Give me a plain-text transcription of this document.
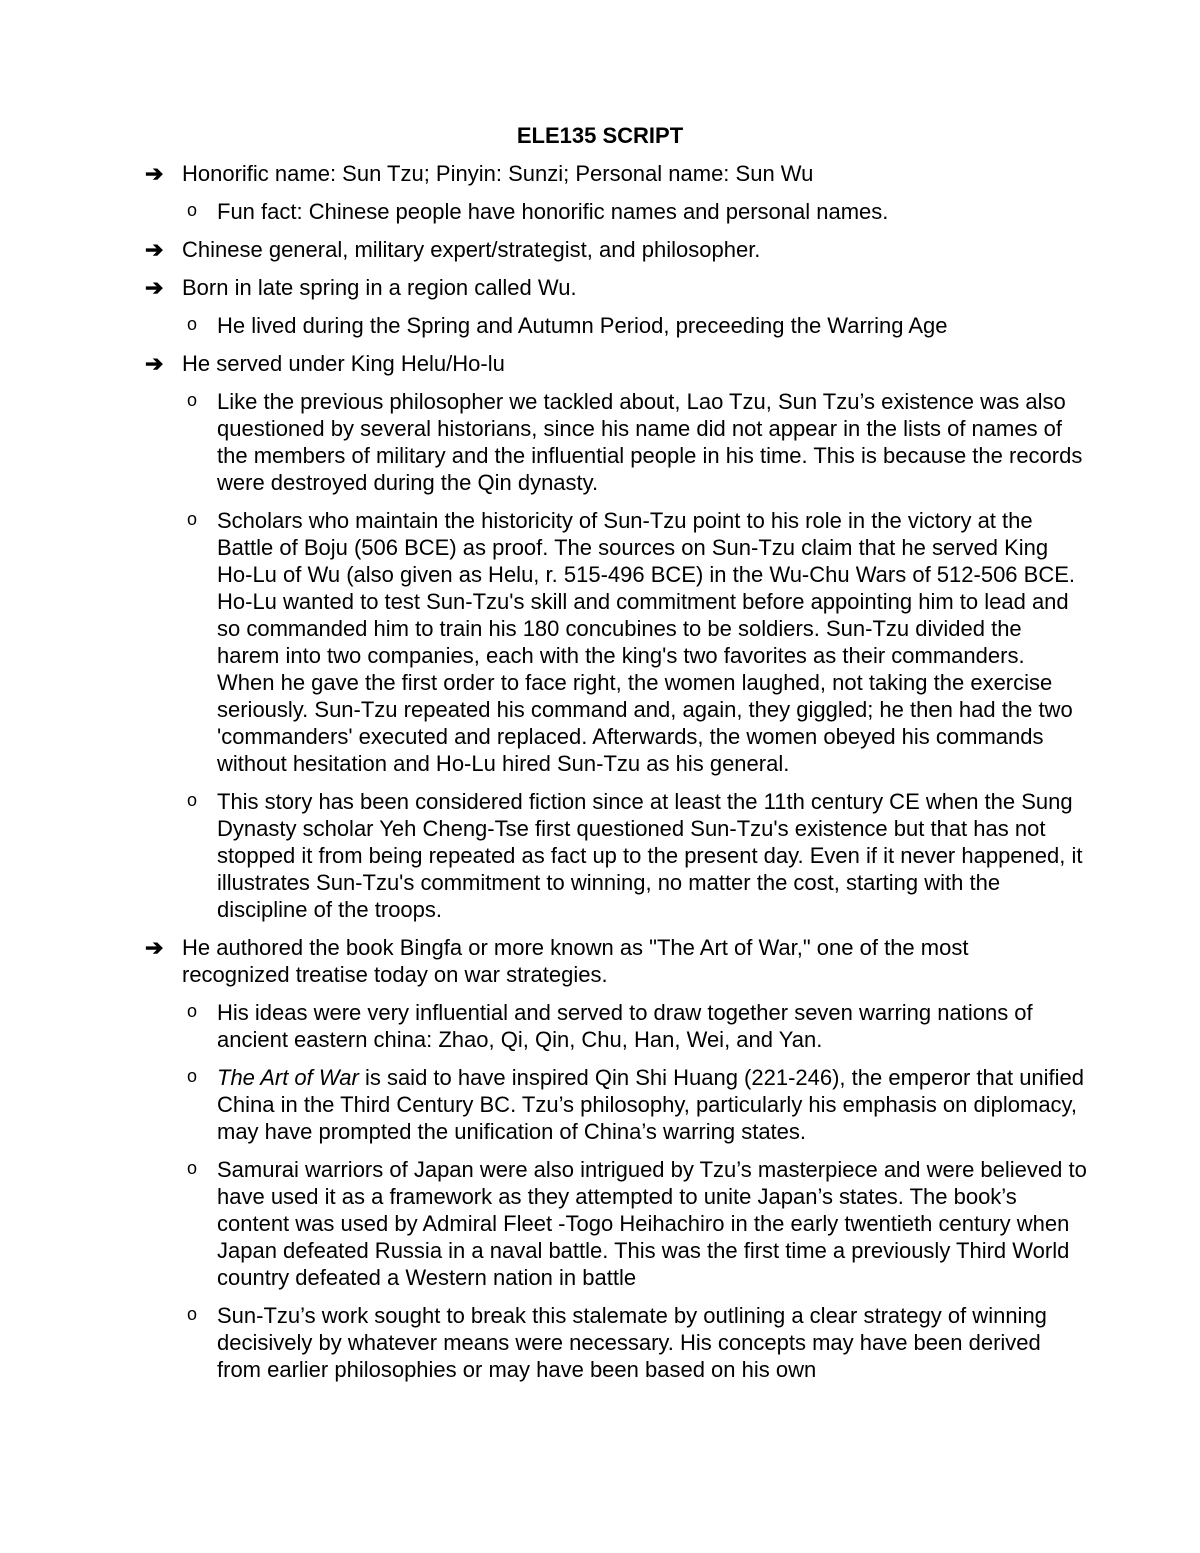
ELE135 SCRIPT
➔ Honorific name: Sun Tzu; Pinyin: Sunzi; Personal name: Sun Wu
o Fun fact: Chinese people have honorific names and personal names.
➔ Chinese general, military expert/strategist, and philosopher.
➔ Born in late spring in a region called Wu.
o He lived during the Spring and Autumn Period, preceeding the Warring Age
➔ He served under King Helu/Ho-lu
o Like the previous philosopher we tackled about, Lao Tzu, Sun Tzu’s existence was also questioned by several historians, since his name did not appear in the lists of names of the members of military and the influential people in his time. This is because the records were destroyed during the Qin dynasty.
o Scholars who maintain the historicity of Sun-Tzu point to his role in the victory at the Battle of Boju (506 BCE) as proof. The sources on Sun-Tzu claim that he served King Ho-Lu of Wu (also given as Helu, r. 515-496 BCE) in the Wu-Chu Wars of 512-506 BCE. Ho-Lu wanted to test Sun-Tzu's skill and commitment before appointing him to lead and so commanded him to train his 180 concubines to be soldiers. Sun-Tzu divided the harem into two companies, each with the king's two favorites as their commanders. When he gave the first order to face right, the women laughed, not taking the exercise seriously. Sun-Tzu repeated his command and, again, they giggled; he then had the two 'commanders' executed and replaced. Afterwards, the women obeyed his commands without hesitation and Ho-Lu hired Sun-Tzu as his general.
o This story has been considered fiction since at least the 11th century CE when the Sung Dynasty scholar Yeh Cheng-Tse first questioned Sun-Tzu's existence but that has not stopped it from being repeated as fact up to the present day. Even if it never happened, it illustrates Sun-Tzu's commitment to winning, no matter the cost, starting with the discipline of the troops.
➔ He authored the book Bingfa or more known as "The Art of War," one of the most recognized treatise today on war strategies.
o His ideas were very influential and served to draw together seven warring nations of ancient eastern china: Zhao, Qi, Qin, Chu, Han, Wei, and Yan.
o The Art of War is said to have inspired Qin Shi Huang (221-246), the emperor that unified China in the Third Century BC. Tzu’s philosophy, particularly his emphasis on diplomacy, may have prompted the unification of China’s warring states.
o Samurai warriors of Japan were also intrigued by Tzu’s masterpiece and were believed to have used it as a framework as they attempted to unite Japan’s states. The book’s content was used by Admiral Fleet -Togo Heihachiro in the early twentieth century when Japan defeated Russia in a naval battle. This was the first time a previously Third World country defeated a Western nation in battle
o Sun-Tzu’s work sought to break this stalemate by outlining a clear strategy of winning decisively by whatever means were necessary. His concepts may have been derived from earlier philosophies or may have been based on his own
